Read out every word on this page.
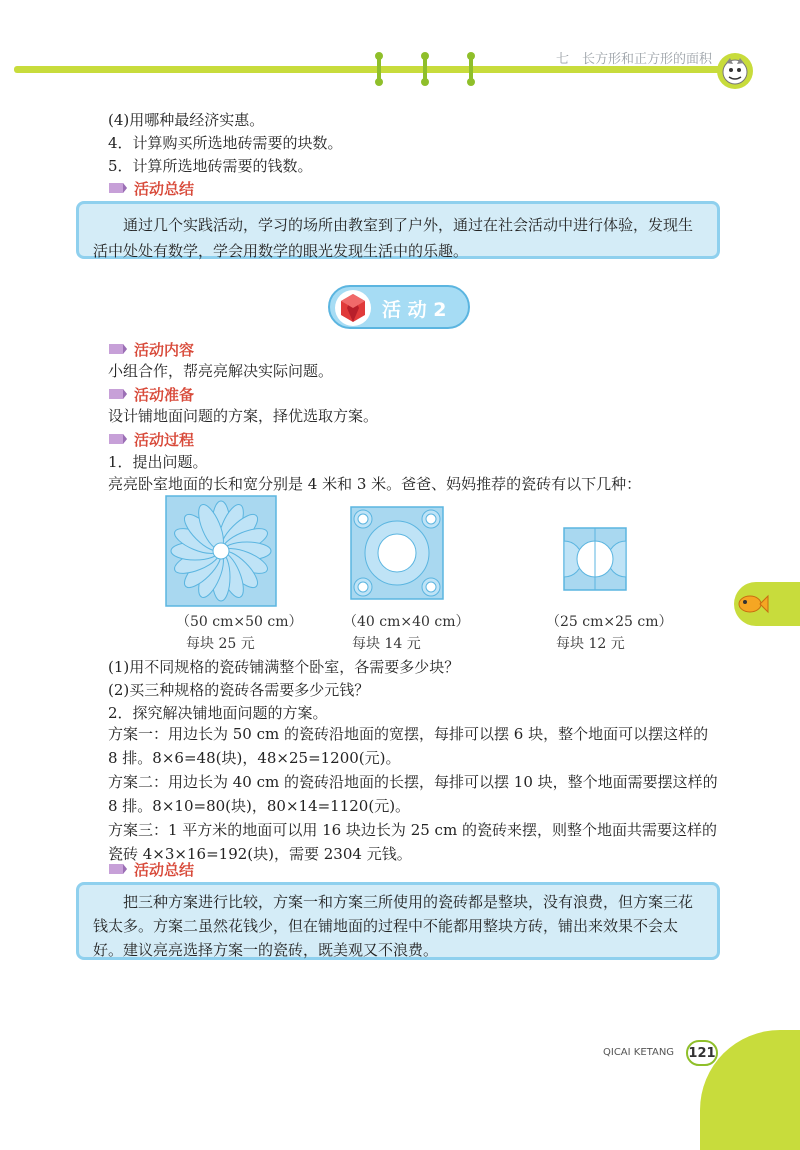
七　长方形和正方形的面积
(4)用哪种最经济实惠。
4．计算购买所选地砖需要的块数。
5．计算所选地砖需要的钱数。
活动总结
通过几个实践活动，学习的场所由教室到了户外，通过在社会活动中进行体验，发现生活中处处有数学，学会用数学的眼光发现生活中的乐趣。
活 动 2
活动内容
小组合作，帮亮亮解决实际问题。
活动准备
设计铺地面问题的方案，择优选取方案。
活动过程
1．提出问题。
亮亮卧室地面的长和宽分别是 4 米和 3 米。爸爸、妈妈推荐的瓷砖有以下几种：
（50 cm×50 cm）
每块 25 元
（40 cm×40 cm）
每块 14 元
（25 cm×25 cm）
每块 12 元
(1)用不同规格的瓷砖铺满整个卧室，各需要多少块？
(2)买三种规格的瓷砖各需要多少元钱？
2．探究解决铺地面问题的方案。
方案一：用边长为 50 cm 的瓷砖沿地面的宽摆，每排可以摆 6 块，整个地面可以摆这样的 8 排。8×6=48(块)，48×25=1200(元)。
方案二：用边长为 40 cm 的瓷砖沿地面的长摆，每排可以摆 10 块，整个地面需要摆这样的 8 排。8×10=80(块)，80×14=1120(元)。
方案三：1 平方米的地面可以用 16 块边长为 25 cm 的瓷砖来摆，则整个地面共需要这样的瓷砖 4×3×16=192(块)，需要 2304 元钱。
活动总结
把三种方案进行比较，方案一和方案三所使用的瓷砖都是整块，没有浪费，但方案三花钱太多。方案二虽然花钱少，但在铺地面的过程中不能都用整块方砖，铺出来效果不会太好。建议亮亮选择方案一的瓷砖，既美观又不浪费。
QICAI KETANG 121
